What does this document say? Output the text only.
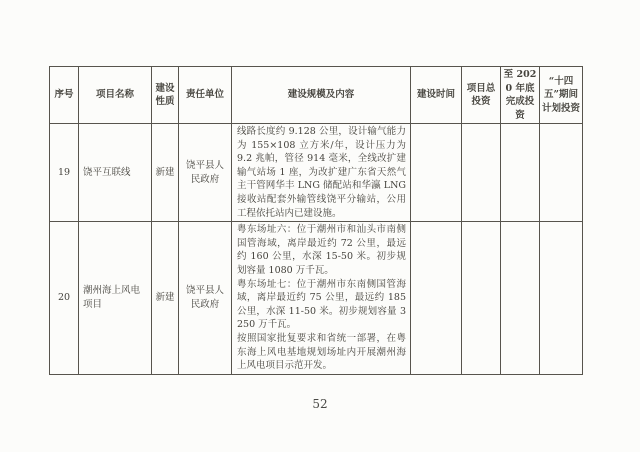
序号	项目名称	建设性质	责任单位	建设规模及内容	建设时间	项目总投资	至 2020 年底完成投资	“十四五”期间计划投资
19	饶平互联线	新建	饶平县人民政府	线路长度约 9.128 公里，设计输气能力为 155×108 立方米/年，设计压力为 9.2 兆帕，管径 914 毫米，全线改扩建输气站场 1 座，为改扩建广东省天然气主干管网华丰 LNG 储配站和华瀛 LNG 接收站配套外输管线饶平分输站，公用工程依托站内已建设施。				

20	潮州海上风电项目	新建	饶平县人民政府	粤东场址六：位于潮州市和汕头市南侧国管海域，离岸最近约 72 公里，最远约 160 公里，水深 15-50 米。初步规划容量 1080 万千瓦。

粤东场址七：位于潮州市东南侧国管海域，离岸最近约 75 公里，最远约 185 公里，水深 11-50 米。初步规划容量 3250 万千瓦。

按照国家批复要求和省统一部署，在粤东海上风电基地规划场址内开展潮州海上风电项目示范开发。				

52
